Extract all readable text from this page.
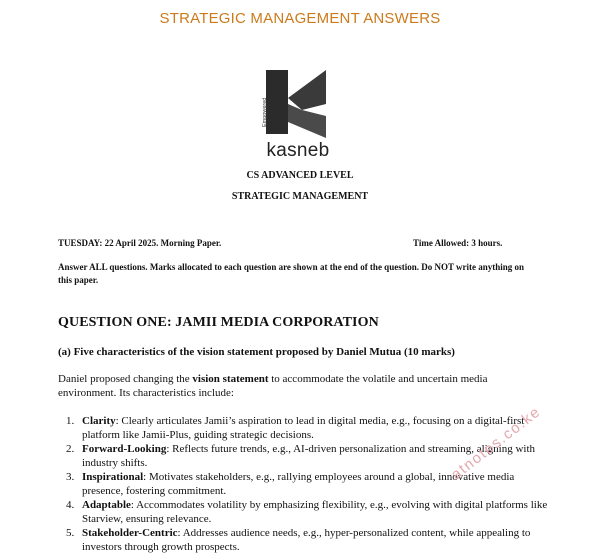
STRATEGIC MANAGEMENT ANSWERS
Empowered
kasneb
CS ADVANCED LEVEL
STRATEGIC MANAGEMENT
TUESDAY: 22 April 2025. Morning Paper.	Time Allowed: 3 hours.
Answer ALL questions. Marks allocated to each question are shown at the end of the question. Do NOT write anything on this paper.
QUESTION ONE: JAMII MEDIA CORPORATION
(a) Five characteristics of the vision statement proposed by Daniel Mutua (10 marks)
Daniel proposed changing the vision statement to accommodate the volatile and uncertain media environment. Its characteristics include:
1. Clarity: Clearly articulates Jamii’s aspiration to lead in digital media, e.g., focusing on a digital-first platform like Jamii-Plus, guiding strategic decisions.
2. Forward-Looking: Reflects future trends, e.g., AI-driven personalization and streaming, aligning with industry shifts.
3. Inspirational: Motivates stakeholders, e.g., rallying employees around a global, innovative media presence, fostering commitment.
4. Adaptable: Accommodates volatility by emphasizing flexibility, e.g., evolving with digital platforms like Starview, ensuring relevance.
5. Stakeholder-Centric: Addresses audience needs, e.g., hyper-personalized content, while appealing to investors through growth prospects.
atnotes.co.ke
